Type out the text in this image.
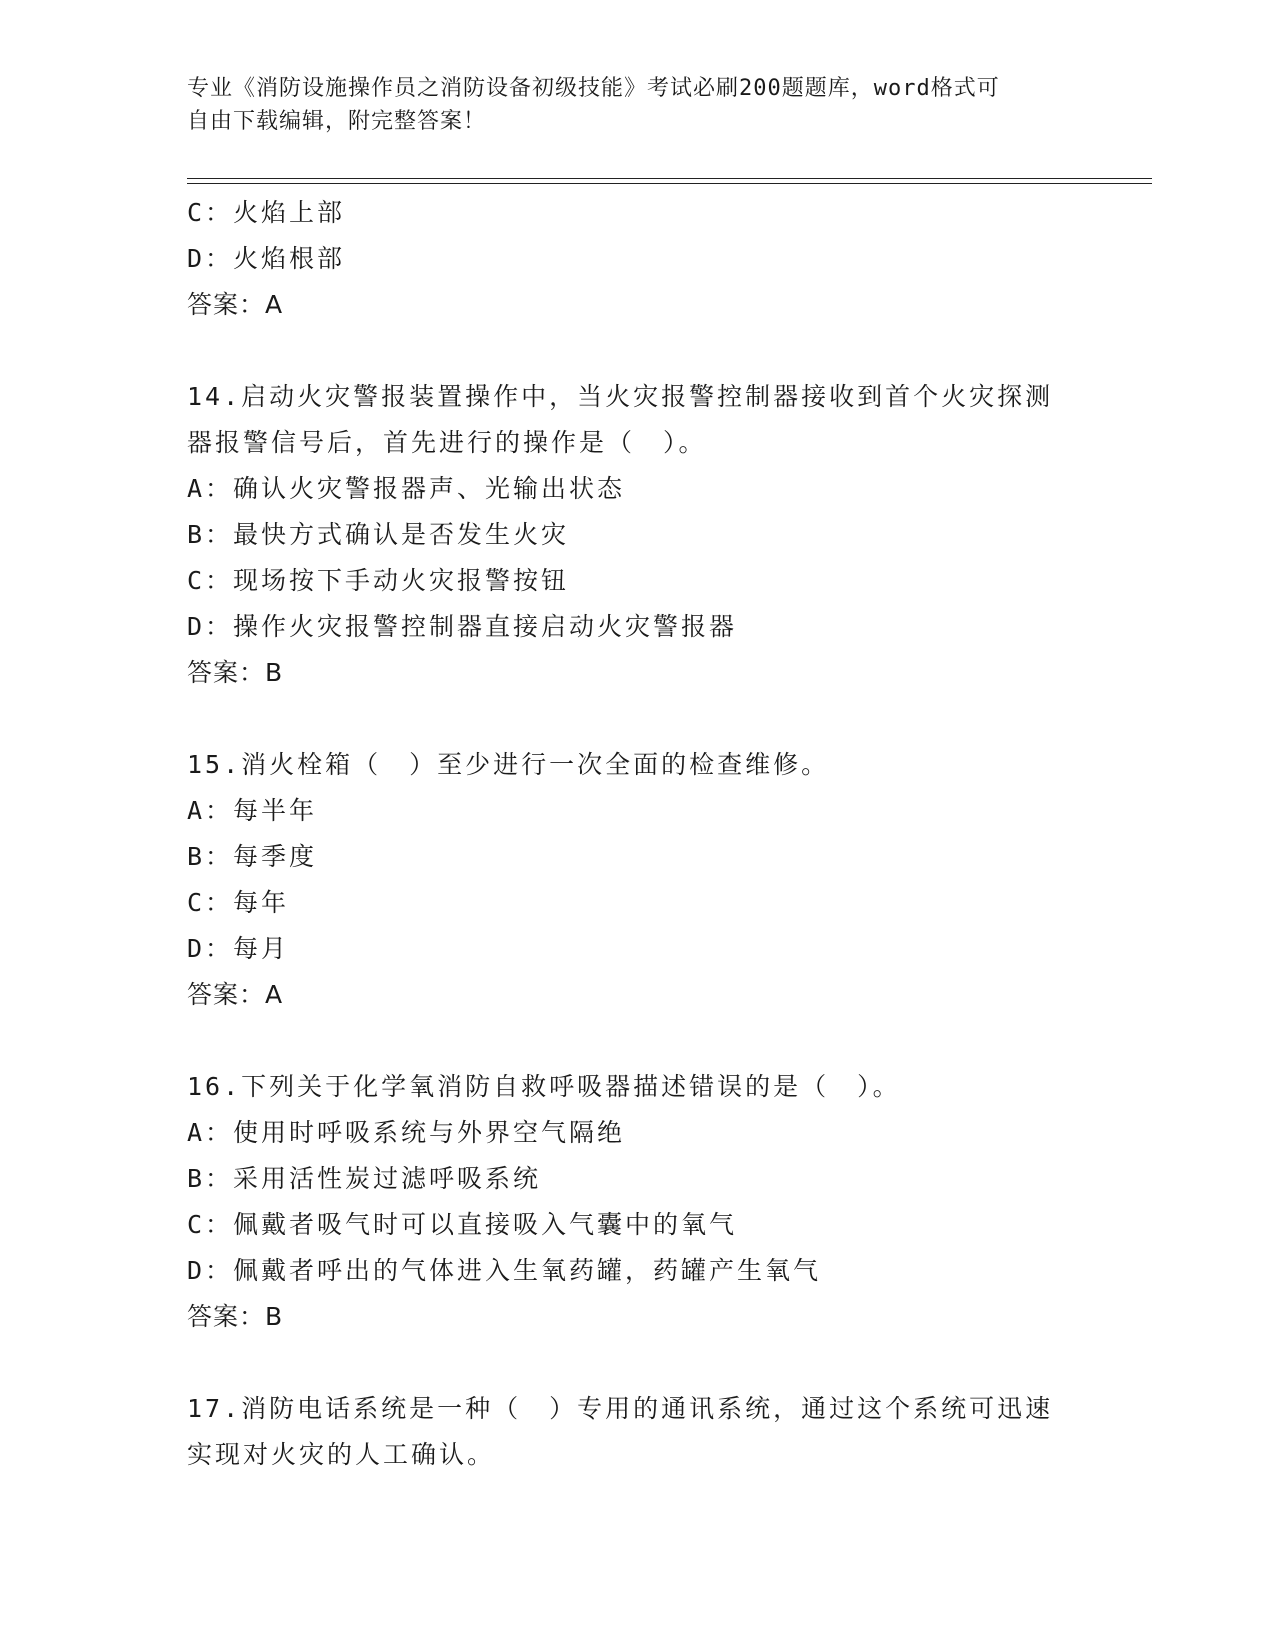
专业《消防设施操作员之消防设备初级技能》考试必刷200题题库，word格式可
自由下载编辑，附完整答案！
C：火焰上部
D：火焰根部
答案：A
14.启动火灾警报装置操作中，当火灾报警控制器接收到首个火灾探测
器报警信号后，首先进行的操作是（　）。
A：确认火灾警报器声、光输出状态
B：最快方式确认是否发生火灾
C：现场按下手动火灾报警按钮
D：操作火灾报警控制器直接启动火灾警报器
答案：B
15.消火栓箱（　）至少进行一次全面的检查维修。
A：每半年
B：每季度
C：每年
D：每月
答案：A
16.下列关于化学氧消防自救呼吸器描述错误的是（　）。
A：使用时呼吸系统与外界空气隔绝
B：采用活性炭过滤呼吸系统
C：佩戴者吸气时可以直接吸入气囊中的氧气
D：佩戴者呼出的气体进入生氧药罐，药罐产生氧气
答案：B
17.消防电话系统是一种（　）专用的通讯系统，通过这个系统可迅速
实现对火灾的人工确认。
